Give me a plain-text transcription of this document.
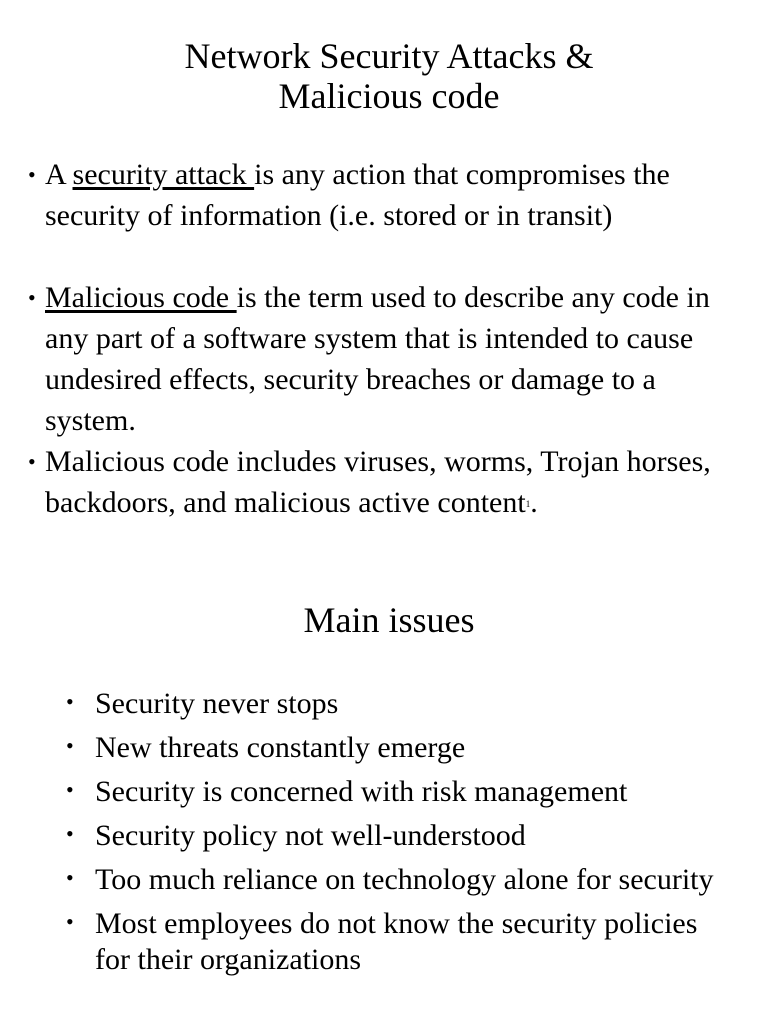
Network Security Attacks &
Malicious code
• A security attack is any action that compromises the security of information (i.e. stored or in transit)
• Malicious code is the term used to describe any code in any part of a software system that is intended to cause undesired effects, security breaches or damage to a system.
• Malicious code includes viruses, worms, Trojan horses, backdoors, and malicious active content1.
Main issues
• Security never stops
• New threats constantly emerge
• Security is concerned with risk management
• Security policy not well-understood
• Too much reliance on technology alone for security
• Most employees do not know the security policies for their organizations
